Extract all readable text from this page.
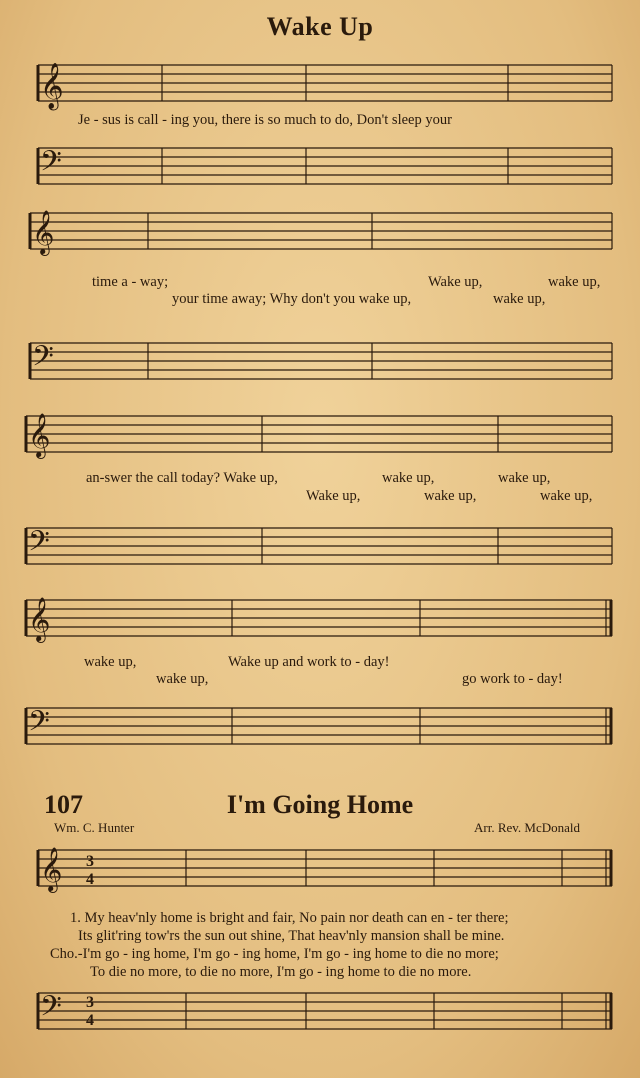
Wake Up
𝄞
Je - sus is call - ing you, there is so much to do, Don't sleep your
𝄢
𝄞
time a - way;	Wake up,	wake up,
your time away; Why don't you wake up,	wake up,
𝄢
𝄞
an-swer the call today? Wake up,	wake up,	wake up,
Wake up,	wake up,	wake up,
𝄢
𝄞
wake up,	Wake up and work to - day!
wake up,	go work to - day!
𝄢
107	I'm Going Home
Wm. C. Hunter	Arr. Rev. McDonald
𝄞 3
4
1. My heav'nly home is bright and fair, No pain nor death can en - ter there;
Its glit'ring tow'rs the sun out shine, That heav'nly mansion shall be mine.
Cho.-I'm go - ing home, I'm go - ing home, I'm go - ing home to die no more;
To die no more, to die no more, I'm go - ing home to die no more.
𝄢 3
4
